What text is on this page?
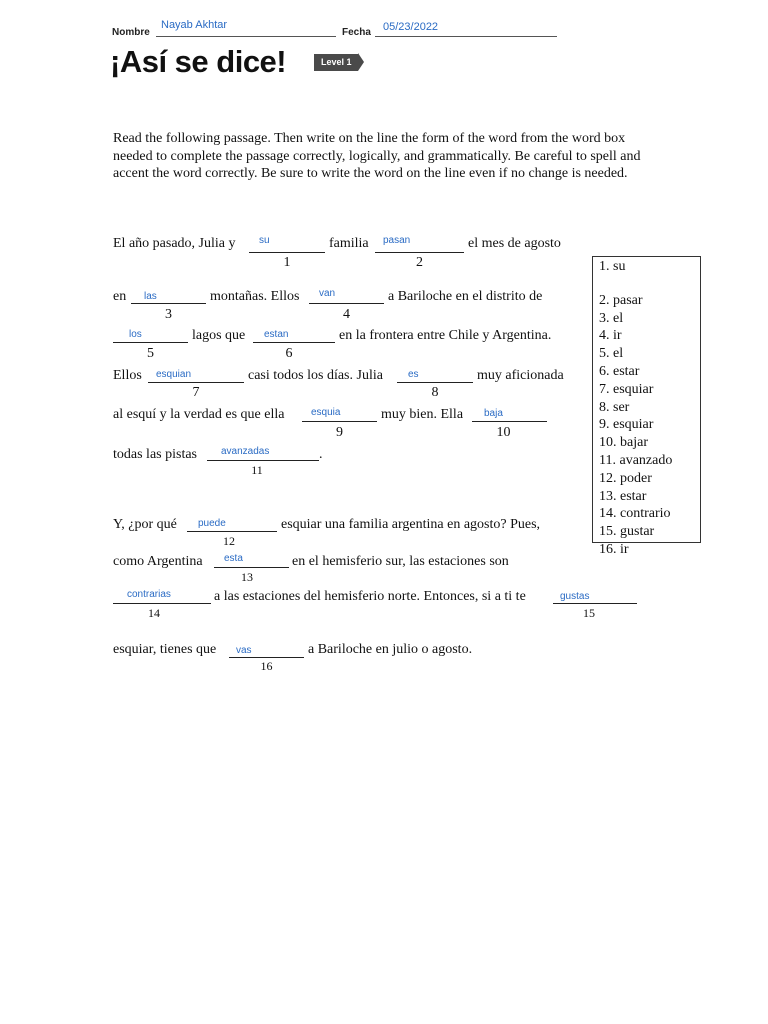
Nombre
Nayab Akhtar
Fecha 05/23/2022
¡Así se dice!	Level 1
Read the following passage. Then write on the line the form of the word from the word box needed to complete the passage correctly, logically, and grammatically. Be careful to spell and accent the word correctly. Be sure to write the word on the line even if no change is needed.
El año pasado, Julia y su
1
familia pasan
2
el mes de agosto
en las
3
montañas. Ellos van
4
a Bariloche en el distrito de
los
5
lagos que estan
6
en la frontera entre Chile y Argentina.
Ellos esquian
7
casi todos los días. Julia	es
8
muy aficionada
al esquí y la verdad es que ella	esquia
9
muy bien. Ella baja
10
todas las pistas avanzadas
11
.
Y, ¿por qué puede
12
esquiar una familia argentina en agosto? Pues,
como Argentina esta
13
en el hemisferio sur, las estaciones son
contrarias
14
a las estaciones del hemisferio norte. Entonces, si a ti te	gustas
15
esquiar, tienes que vas
16
a Bariloche en julio o agosto.
1. su
2. pasar
3. el
4. ir
5. el
6. estar
7. esquiar
8. ser
9. esquiar
10. bajar
11. avanzado
12. poder
13. estar
14. contrario
15. gustar
16. ir
